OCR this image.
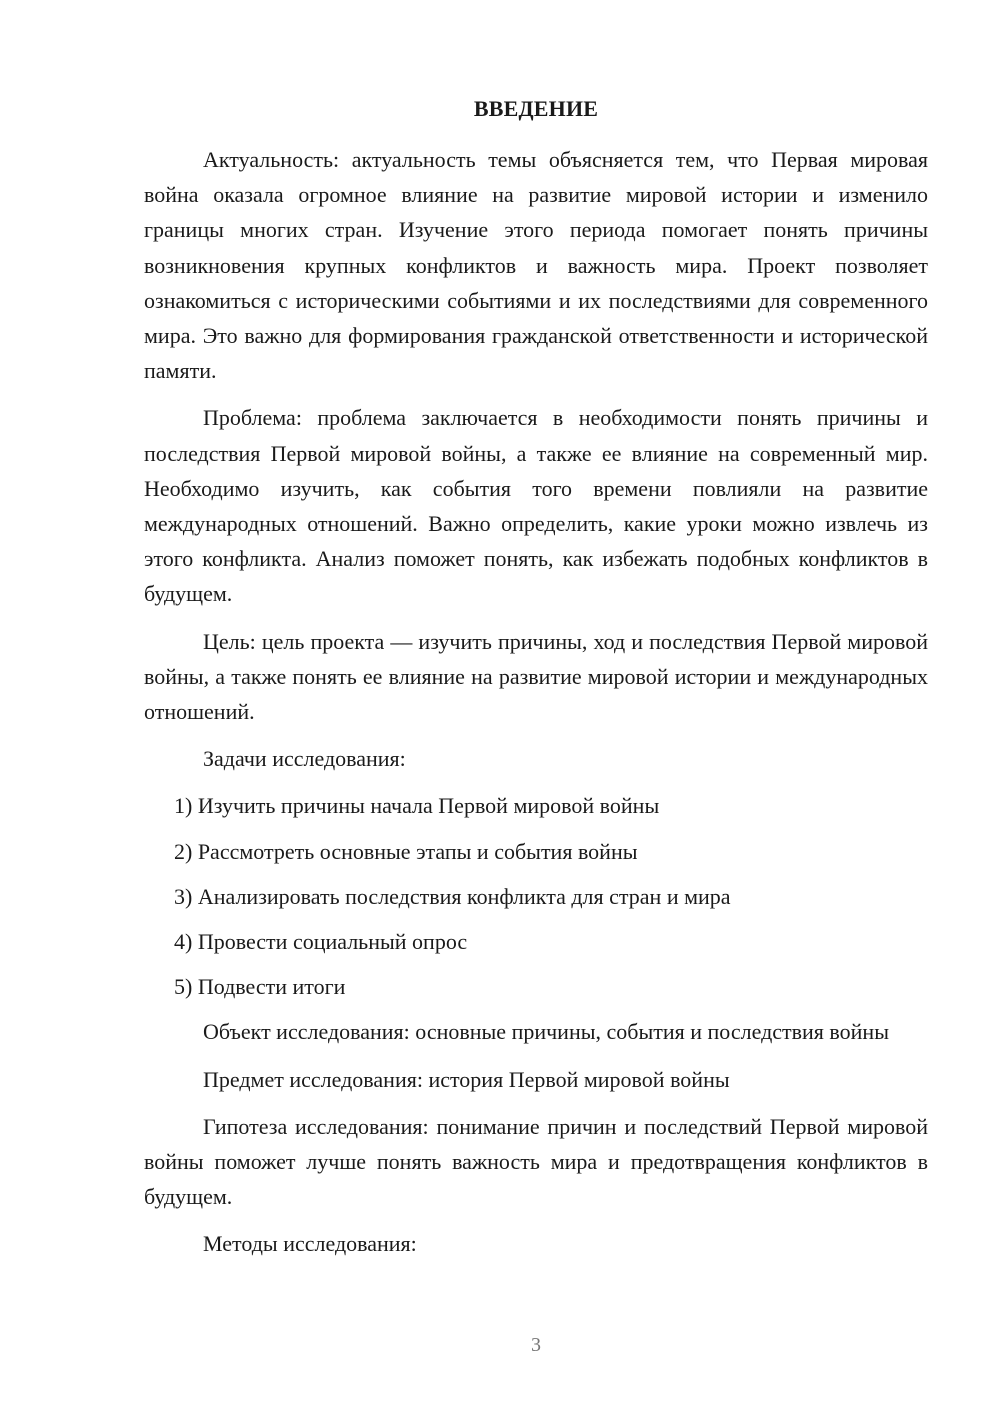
ВВЕДЕНИЕ

Актуальность: актуальность темы объясняется тем, что Первая мировая война оказала огромное влияние на развитие мировой истории и изменило границы многих стран. Изучение этого периода помогает понять причины возникновения крупных конфликтов и важность мира. Проект позволяет ознакомиться с историческими событиями и их последствиями для современного мира. Это важно для формирования гражданской ответственности и исторической памяти.

Проблема: проблема заключается в необходимости понять причины и последствия Первой мировой войны, а также ее влияние на современный мир. Необходимо изучить, как события того времени повлияли на развитие международных отношений. Важно определить, какие уроки можно извлечь из этого конфликта. Анализ поможет понять, как избежать подобных конфликтов в будущем.

Цель: цель проекта — изучить причины, ход и последствия Первой мировой войны, а также понять ее влияние на развитие мировой истории и международных отношений.

Задачи исследования:

1) Изучить причины начала Первой мировой войны

2) Рассмотреть основные этапы и события войны

3) Анализировать последствия конфликта для стран и мира

4) Провести социальный опрос

5) Подвести итоги

Объект исследования: основные причины, события и последствия войны

Предмет исследования: история Первой мировой войны

Гипотеза исследования: понимание причин и последствий Первой мировой войны поможет лучше понять важность мира и предотвращения конфликтов в будущем.

Методы исследования:

3
